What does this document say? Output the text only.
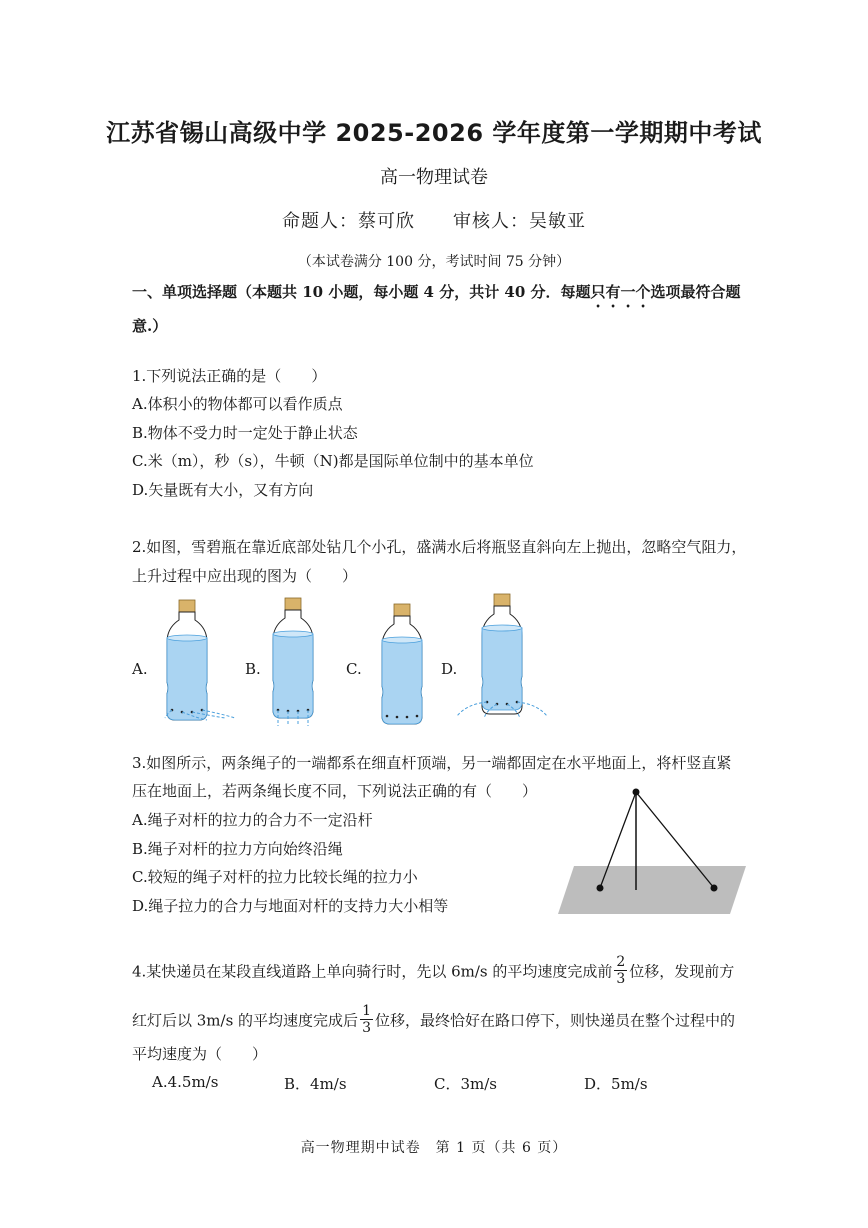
江苏省锡山高级中学 2025-2026 学年度第一学期期中考试
高一物理试卷
命题人：蔡可欣 审核人：吴敏亚
（本试卷满分 100 分，考试时间 75 分钟）
一、单项选择题（本题共 10 小题，每小题 4 分，共计 40 分．每题只有一个选项最符合题意.）
1.下列说法正确的是（　　）
A.体积小的物体都可以看作质点
B.物体不受力时一定处于静止状态
C.米（m），秒（s），牛顿（N)都是国际单位制中的基本单位
D.矢量既有大小，又有方向
2.如图，雪碧瓶在靠近底部处钻几个小孔，盛满水后将瓶竖直斜向左上抛出，忽略空气阻力，
上升过程中应出现的图为（　　）
A.	B.	C.	D.
3.如图所示，两条绳子的一端都系在细直杆顶端，另一端都固定在水平地面上，将杆竖直紧
压在地面上，若两条绳长度不同，下列说法正确的有（　　）
A.绳子对杆的拉力的合力不一定沿杆
B.绳子对杆的拉力方向始终沿绳
C.较短的绳子对杆的拉力比较长绳的拉力小
D.绳子拉力的合力与地面对杆的支持力大小相等
4.某快递员在某段直线道路上单向骑行时，先以 6m/s 的平均速度完成前 $\frac{2}{3}$ 位移，发现前方
红灯后以 3m/s 的平均速度完成后 $\frac{1}{3}$ 位移，最终恰好在路口停下，则快递员在整个过程中的
平均速度为（　　）
A.4.5m/s	B．4m/s	C．3m/s	D．5m/s
高一物理期中试卷　第 1 页（共 6 页）
